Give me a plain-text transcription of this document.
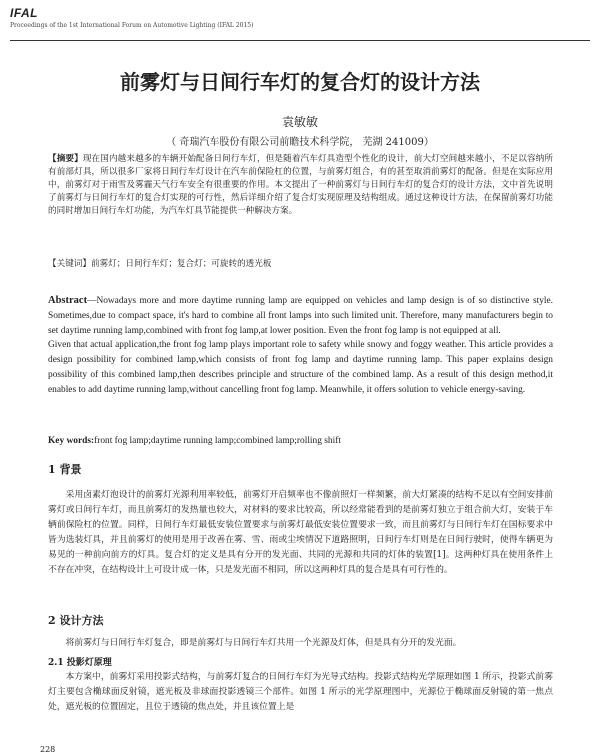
IFAL
Proceedings of the 1st International Forum on Automotive Lighting (IFAL 2015)
前雾灯与日间行车灯的复合灯的设计方法
袁敏敏
（ 奇瑞汽车股份有限公司前瞻技术科学院， 芜湖 241009）
【摘要】现在国内越来越多的车辆开始配备日间行车灯，但是随着汽车灯具造型个性化的设计，前大灯空间越来越小，不足以容纳所有前部灯具，所以很多厂家将日间行车灯设计在汽车前保险杠的位置，与前雾灯组合，有的甚至取消前雾灯的配备。但是在实际应用中，前雾灯对于雨雪及雾霾天气行车安全有很重要的作用。本文提出了一种前雾灯与日间行车灯的复合灯的设计方法，文中首先说明了前雾灯与日间行车灯的复合灯实现的可行性，然后详细介绍了复合灯实现原理及结构组成。通过这种设计方法，在保留前雾灯功能的同时增加日间行车灯功能，为汽车灯具节能提供一种解决方案。
【关键词】前雾灯；日间行车灯；复合灯；可旋转的透光板

Abstract—Nowadays more and more daytime running lamp are equipped on vehicles and lamp design is of so distinctive style. Sometimes,due to compact space, it's hard to combine all front lamps into such limited unit. Therefore, many manufacturers begin to set daytime running lamp,combined with front fog lamp,at lower position. Even the front fog lamp is not equipped at all.

Given that actual application,the front fog lamp plays important role to safety while snowy and foggy weather. This article provides a design possibility for combined lamp,which consists of front fog lamp and daytime running lamp. This paper explains design possibility of this combined lamp,then describes principle and structure of the combined lamp. As a result of this design method,it enables to add daytime running lamp,without cancelling front fog lamp. Meanwhile, it offers solution to vehicle energy-saving.

Key words:front fog lamp;daytime running lamp;combined lamp;rolling shift
1 背景
采用卤素灯泡设计的前雾灯光源利用率较低，前雾灯开启频率也不像前照灯一样频繁，前大灯紧凑的结构不足以有空间安排前雾灯或日间行车灯，而且前雾灯的发热量也较大，对材料的要求比较高，所以经常能看到的是前雾灯独立于组合前大灯，安装于车辆前保险杠的位置。同样，日间行车灯最低安装位置要求与前雾灯最低安装位置要求一致，而且前雾灯与日间行车灯在国标要求中皆为选装灯具，并且前雾灯的使用是用于改善在雾、雪、雨或尘埃情况下道路照明，日间行车灯则是在日间行驶时，使得车辆更为易见的一种前向前方的灯具。复合灯的定义是具有分开的发光面、共同的光源和共同的灯体的装置[1]。这两种灯具在使用条件上不存在冲突，在结构设计上可设计成一体，只是发光面不相同，所以这两种灯具的复合是具有可行性的。
2 设计方法
将前雾灯与日间行车灯复合，即是前雾灯与日间行车灯共用一个光源及灯体，但是具有分开的发光面。
2.1 投影灯原理
本方案中，前雾灯采用投影式结构，与前雾灯复合的日间行车灯为光导式结构。投影式结构光学原理如图 1 所示，投影式前雾灯主要包含椭球面反射镜，遮光板及非球面投影透镜三个部件。如图 1 所示的光学原理图中，光源位于椭球面反射镜的第一焦点处，遮光板的位置固定，且位于透镜的焦点处，并且该位置上是
228
